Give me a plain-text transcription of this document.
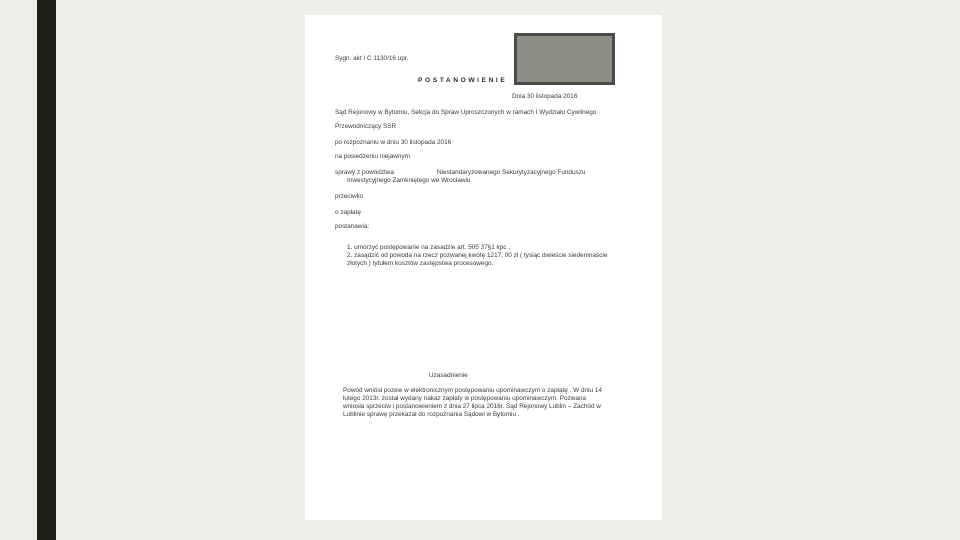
Sygn. akt I C 1130/16 upr.
POSTANOWIENIE
Dnia 30 listopada 2016
Sąd Rejonowy w Bytomiu, Sekcja do Spraw Uproszczonych w ramach I Wydziału Cywilnego
Przewodniczący SSR
po rozpoznaniu w dniu 30 listopada 2016
na posiedzeniu niejawnym
sprawy z powództwa	Niestandaryzowanego Sekurytyzacyjnego Funduszu
Inwestycyjnego Zamkniętego we Wrocławiu
przeciwko
o zapłatę
postanawia:
1. umorzyć postępowanie na zasadzie art. 505 37§1 kpc ,
2. zasądzić od powoda na rzecz pozwanej kwotę 1217, 00 zł ( tysiąc dwieście siedemnaście
złotych ) tytułem kosztów zastępstwa procesowego.
Uzasadnienie
Powód wniósł pozew w elektronicznym postępowaniu upominawczym o zapłatę . W dniu 14
lutego 2013r. został wydany nakaz zapłaty w postępowaniu upominawczym. Pozwana
wniosła sprzeciw i postanowieniem z dnia 27 lipca 2016r. Sąd Rejonowy Lublin – Zachód w
Lublinie sprawę przekazał do rozpoznania Sądowi w Bytomiu .
